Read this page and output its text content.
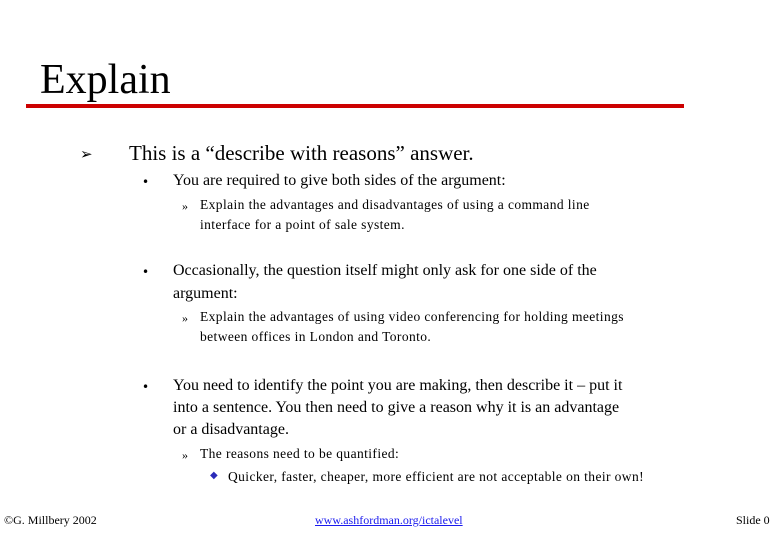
Explain
➢ This is a “describe with reasons” answer.
• You are required to give both sides of the argument:
» Explain the advantages and disadvantages of using a command line
interface for a point of sale system.
• Occasionally, the question itself might only ask for one side of the
argument:
» Explain the advantages of using video conferencing for holding meetings
between offices in London and Toronto.
• You need to identify the point you are making, then describe it – put it
into a sentence. You then need to give a reason why it is an advantage
or a disadvantage.
» The reasons need to be quantified:
◆ Quicker, faster, cheaper, more efficient are not acceptable on their own!
©G. Millbery 2002	www.ashfordman.org/ictalevel	Slide 0
